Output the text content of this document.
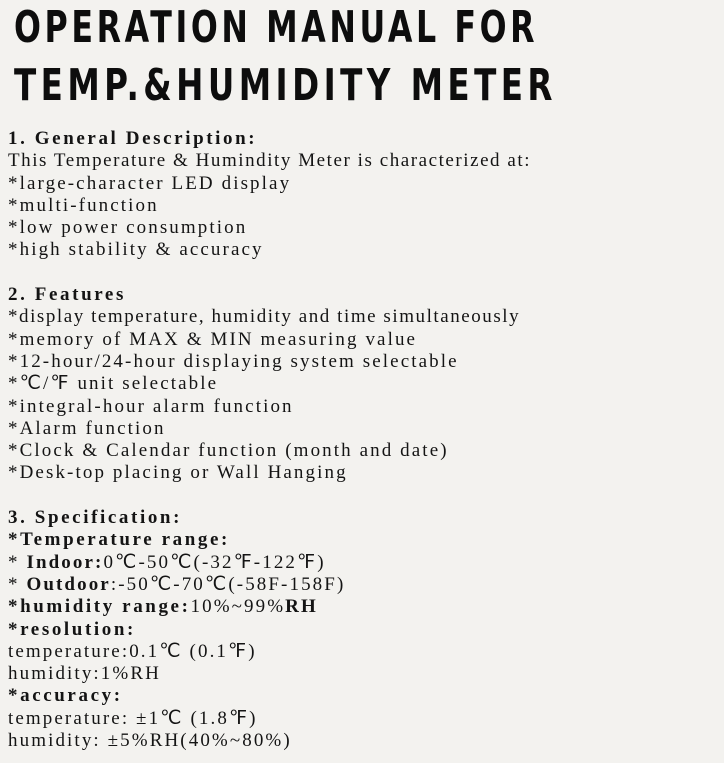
OPERATION MANUAL FOR
TEMP.&HUMIDITY METER
1. General Description:
This Temperature & Humindity Meter is characterized at:
*large-character LED display
*multi-function
*low power consumption
*high stability & accuracy
2. Features
*display temperature, humidity and time simultaneously
*memory of MAX & MIN measuring value
*12-hour/24-hour displaying system selectable
*℃/℉ unit selectable
*integral-hour alarm function
*Alarm function
*Clock & Calendar function (month and date)
*Desk-top placing or Wall Hanging
3. Specification:
*Temperature range:
* Indoor:0℃-50℃(-32℉-122℉)
* Outdoor:-50℃-70℃(-58F-158F)
*humidity range:10%~99%RH
*resolution:
temperature:0.1℃ (0.1℉)
humidity:1%RH
*accuracy:
temperature: ±1℃ (1.8℉)
humidity: ±5%RH(40%~80%)
